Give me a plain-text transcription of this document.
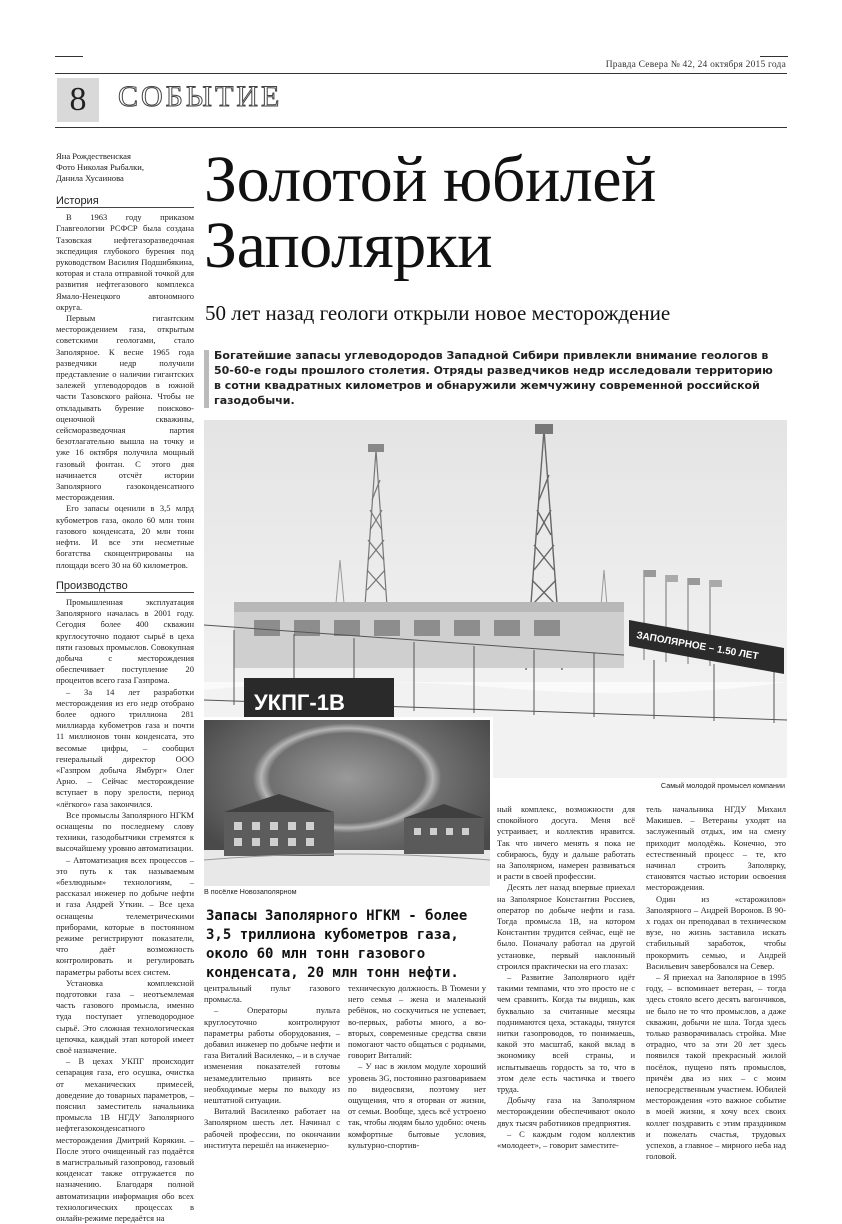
Правда Севера № 42, 24 октября 2015 года
8	СОБЫТИЕ
Яна Рождественская
Фото Николая Рыбалки,
Данила Хусаинова
История

В 1963 году приказом Главгеологии РСФСР была создана Тазовская нефтегазоразведочная экспедиция глубокого бурения под руководством Василия Подшибякина, которая и стала отправной точкой для развития нефтегазового комплекса Ямало-Ненецкого автономного округа.

Первым гигантским месторождением газа, открытым советскими геологами, стало Заполярное. К весне 1965 года разведчики недр получили представление о наличии гигантских залежей углеводородов в южной части Тазовского района. Чтобы не откладывать бурение поисково-оценочной скважины, сейсморазведочная партия безотлагательно вышла на точку и уже 16 октября получила мощный газовый фонтан. С этого дня начинается отсчёт истории Заполярного газоконденсатного месторождения.

Его запасы оценили в 3,5 млрд кубометров газа, около 60 млн тонн газового конденсата, 20 млн тонн нефти. И все эти несметные богатства сконцентрированы на площади всего 30 на 60 километров.

Производство

Промышленная эксплуатация Заполярного началась в 2001 году. Сегодня более 400 скважин круглосуточно подают сырьё в цеха пяти газовых промыслов. Совокупная добыча с месторождения обеспечивает поступление 20 процентов всего газа Газпрома.

– За 14 лет разработки месторождения из его недр отобрано более одного триллиона 281 миллиарда кубометров газа и почти 11 миллионов тонн конденсата, это весомые цифры, – сообщил генеральный директор ООО «Газпром добыча Ямбург» Олег Арно. – Сейчас месторождение вступает в пору зрелости, период «лёгкого» газа закончился.

Все промыслы Заполярного НГКМ оснащены по последнему слову техники, газодобытчики стремятся к высочайшему уровню автоматизации.

– Автоматизация всех процессов – это путь к так называемым «безлюдным» технологиям, – рассказал инженер по добыче нефти и газа Андрей Уткин. – Все цеха оснащены телеметрическими приборами, которые в постоянном режиме регистрируют показатели, что даёт возможность контролировать и регулировать параметры работы всех систем.

Установка комплексной подготовки газа – неотъемлемая часть газового промысла, именно туда поступает углеводородное сырьё. Это сложная технологическая цепочка, каждый этап которой имеет своё назначение.

– В цехах УКПГ происходит сепарация газа, его осушка, очистка от механических примесей, доведение до товарных параметров, – пояснил заместитель начальника промысла 1В НГДУ Заполярного нефтегазоконденсатного месторождения Дмитрий Корякин. – После этого очищенный газ подаётся в магистральный газопровод, газовый конденсат также отгружается по назначению. Благодаря полной автоматизации информация обо всех технологических процессах в онлайн-режиме передаётся на

Золотой юбилей
Заполярки
50 лет назад геологи открыли новое месторождение
Богатейшие запасы углеводородов Западной Сибири привлекли внимание геологов в 50-60-е годы прошлого столетия. Отряды разведчиков недр исследовали территорию в сотни квадратных километров и обнаружили жемчужину современной российской газодобычи.
ЗАПОЛЯРНОЕ – 1.50 ЛЕТ
УКПГ-1В
Самый молодой промысел компании
В посёлке Новозаполярном
Запасы Заполярного НГКМ - более 3,5 триллиона кубометров газа, около 60 млн тонн газового конденсата, 20 млн тонн нефти.

центральный пульт газового промысла.

– Операторы пульта круглосуточно контролируют параметры работы оборудования, – добавил инженер по добыче нефти и газа Виталий Василенко, – и в случае изменения показателей готовы незамедлительно принять все необходимые меры по выходу из нештатной ситуации.

Виталий Василенко работает на Заполярном шесть лет. Начинал с рабочей профессии, по окончании института перешёл на инженерно-

техническую должность. В Тюмени у него семья – жена и маленький ребёнок, но соскучиться не успевает, во-первых, работы много, а во-вторых, современные средства связи помогают часто общаться с родными, говорит Виталий:

– У нас в жилом модуле хороший уровень 3G, постоянно разговариваем по видеосвязи, поэтому нет ощущения, что я оторван от жизни, от семьи. Вообще, здесь всё устроено так, чтобы людям было удобно: очень комфортные бытовые условия, культурно-спортив-

ный комплекс, возможности для спокойного досуга. Меня всё устраивает, и коллектив нравится. Так что ничего менять я пока не собираюсь, буду и дальше работать на Заполярном, намерен развиваться и расти в своей профессии.

Десять лет назад впервые приехал на Заполярное Константин Россиев, оператор по добыче нефти и газа. Тогда промысла 1В, на котором Константин трудится сейчас, ещё не было. Поначалу работал на другой установке, первый наклонный строился практически на его глазах:

– Развитие Заполярного идёт такими темпами, что это просто не с чем сравнить. Когда ты видишь, как буквально за считанные месяцы поднимаются цеха, эстакады, тянутся нитки газопроводов, то понимаешь, какой это масштаб, какой вклад в экономику всей страны, и испытываешь гордость за то, что в этом деле есть частичка и твоего труда.

Добычу газа на Заполярном месторождении обеспечивают около двух тысяч работников предприятия.

– С каждым годом коллектив «молодеет», – говорит заместите-

тель начальника НГДУ Михаил Макишев. – Ветераны уходят на заслуженный отдых, им на смену приходит молодёжь. Конечно, это естественный процесс – те, кто начинал строить Заполярку, становятся частью истории освоения месторождения.

Один из «старожилов» Заполярного – Андрей Воронов. В 90-х годах он преподавал в техническом вузе, но жизнь заставила искать стабильный заработок, чтобы прокормить семью, и Андрей Васильевич завербовался на Север.

– Я приехал на Заполярное в 1995 году, – вспоминает ветеран, – тогда здесь стояло всего десять вагончиков, не было не то что промыслов, а даже скважин, добычи не шла. Тогда здесь только разворачивалась стройка. Мне отрадно, что за эти 20 лет здесь появился такой прекрасный жилой посёлок, пущено пять промыслов, причём два из них – с моим непосредственным участием. Юбилей месторождения «это важное событие в моей жизни, я хочу всех своих коллег поздравить с этим праздником и пожелать счастья, трудовых успехов, а главное – мирного неба над головой.
